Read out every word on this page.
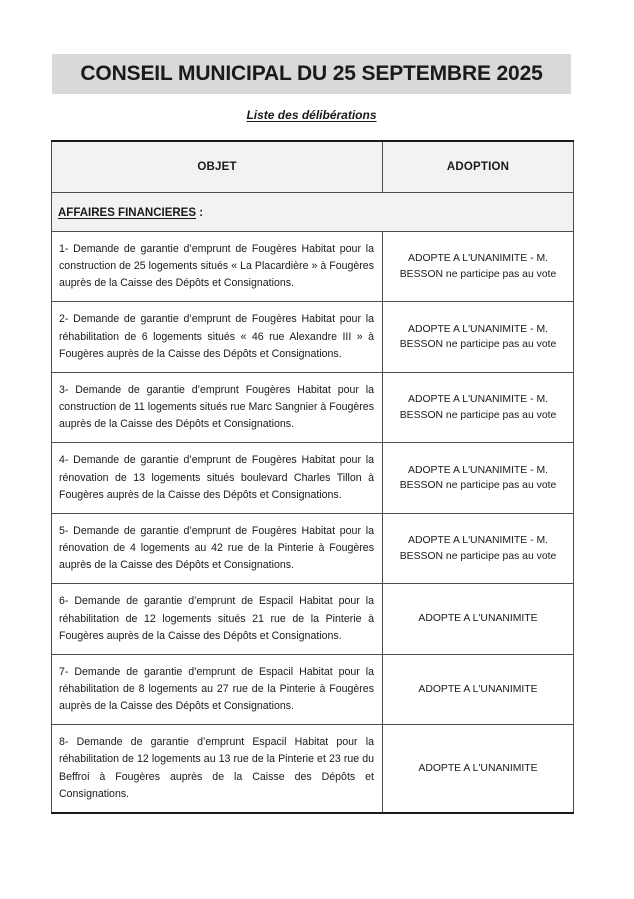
CONSEIL MUNICIPAL DU 25 SEPTEMBRE 2025
Liste des délibérations
OBJET	ADOPTION
AFFAIRES FINANCIERES :	

1- Demande de garantie d’emprunt de Fougères Habitat pour la construction de 25 logements situés « La Placardière » à Fougères auprès de la Caisse des Dépôts et Consignations.	ADOPTE A L'UNANIMITE - M. BESSON ne participe pas au vote

2- Demande de garantie d’emprunt de Fougères Habitat pour la réhabilitation de 6 logements situés « 46 rue Alexandre III » à Fougères auprès de la Caisse des Dépôts et Consignations.	ADOPTE A L'UNANIMITE - M. BESSON ne participe pas au vote

3- Demande de garantie d’emprunt Fougères Habitat pour la construction de 11 logements situés rue Marc Sangnier à Fougères auprès de la Caisse des Dépôts et Consignations.	ADOPTE A L'UNANIMITE - M. BESSON ne participe pas au vote

4- Demande de garantie d’emprunt de Fougères Habitat pour la rénovation de 13 logements situés boulevard Charles Tillon à Fougères auprès de la Caisse des Dépôts et Consignations.	ADOPTE A L'UNANIMITE - M. BESSON ne participe pas au vote

5- Demande de garantie d’emprunt de Fougères Habitat pour la rénovation de 4 logements au 42 rue de la Pinterie à Fougères auprès de la Caisse des Dépôts et Consignations.	ADOPTE A L'UNANIMITE - M. BESSON ne participe pas au vote

6- Demande de garantie d’emprunt de Espacil Habitat pour la réhabilitation de 12 logements situés 21 rue de la Pinterie à Fougères auprès de la Caisse des Dépôts et Consignations.	ADOPTE A L'UNANIMITE

7- Demande de garantie d’emprunt de Espacil Habitat pour la réhabilitation de 8 logements au 27 rue de la Pinterie à Fougères auprès de la Caisse des Dépôts et Consignations.	ADOPTE A L'UNANIMITE

8- Demande de garantie d’emprunt Espacil Habitat pour la réhabilitation de 12 logements au 13 rue de la Pinterie et 23 rue du Beffroi à Fougères auprès de la Caisse des Dépôts et Consignations.	ADOPTE A L'UNANIMITE
